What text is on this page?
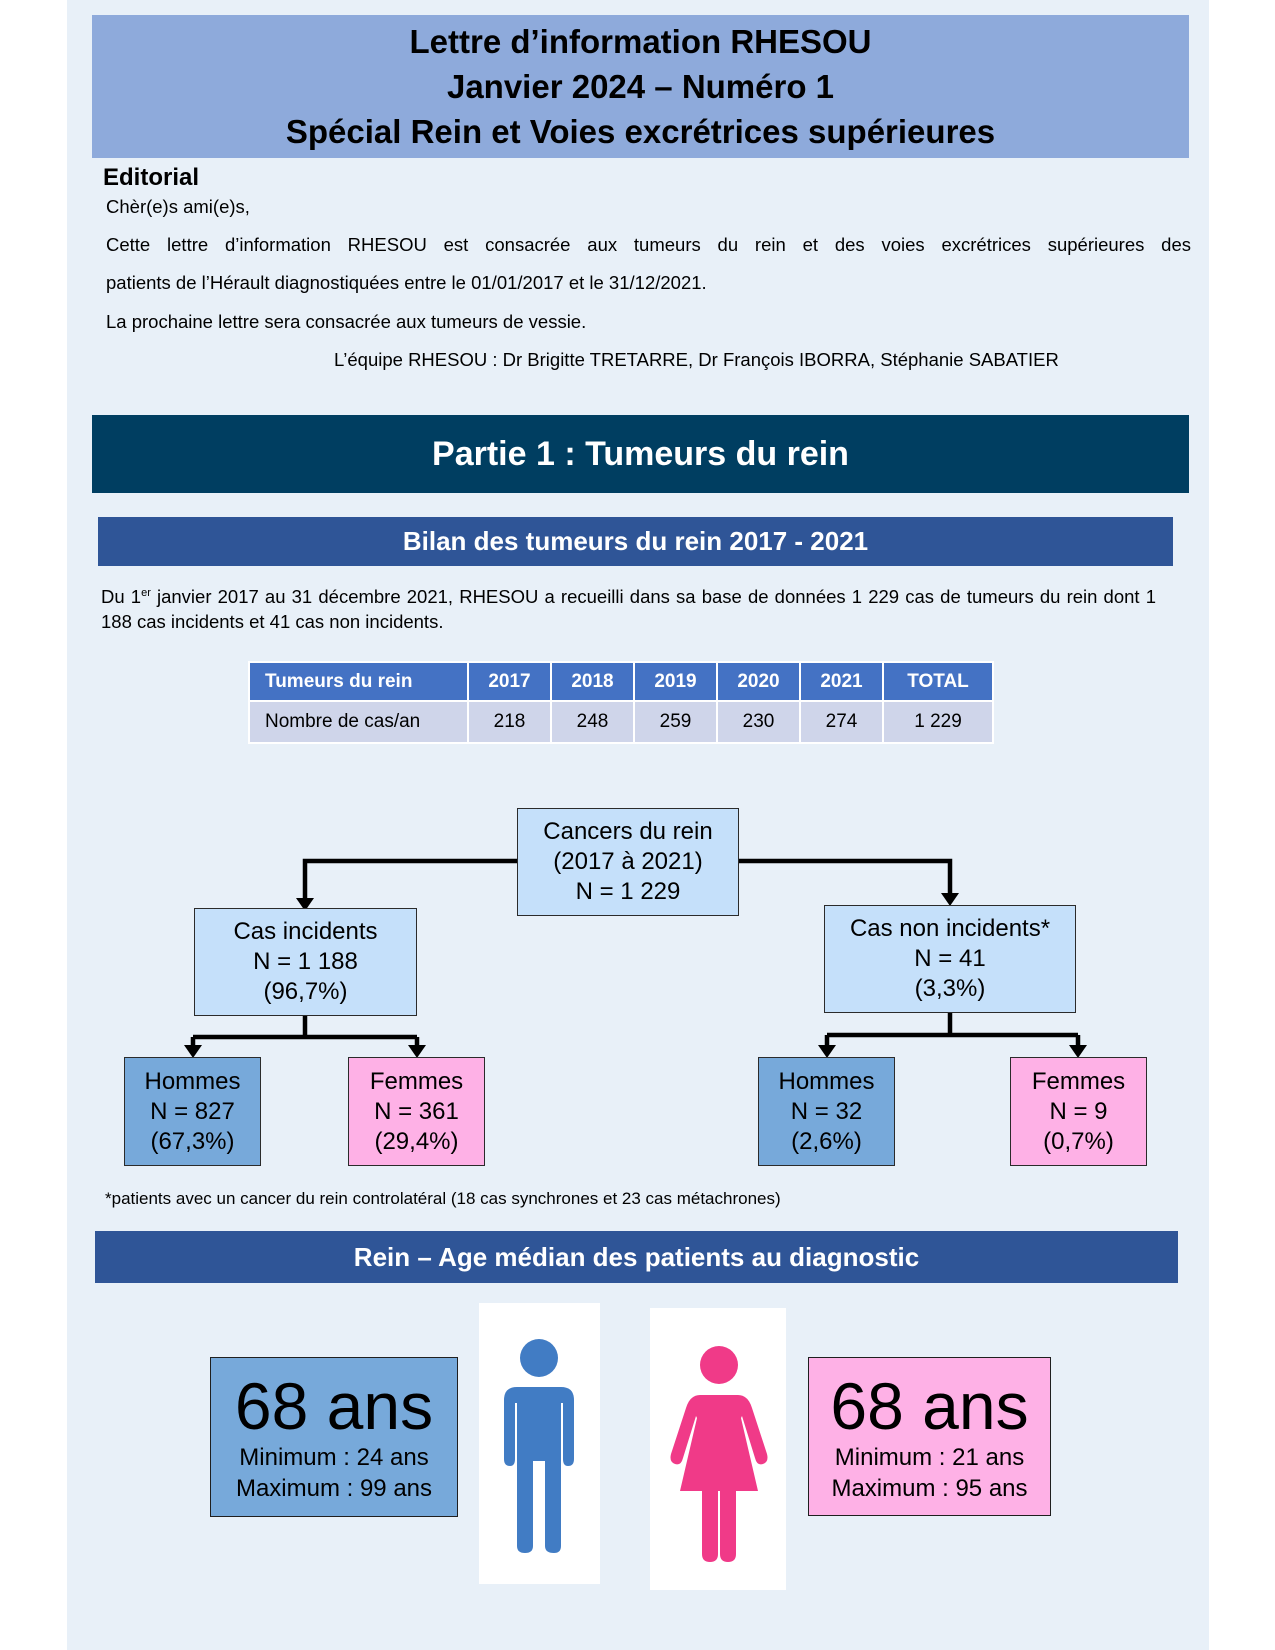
Lettre d’information RHESOU
Janvier 2024 – Numéro 1
Spécial Rein et Voies excrétrices supérieures
Editorial
Chèr(e)s ami(e)s,
Cette lettre d’information RHESOU est consacrée aux tumeurs du rein et des voies excrétrices supérieures des
patients de l’Hérault diagnostiquées entre le 01/01/2017 et le 31/12/2021.
La prochaine lettre sera consacrée aux tumeurs de vessie.
L’équipe RHESOU : Dr Brigitte TRETARRE, Dr François IBORRA, Stéphanie SABATIER
Partie 1 : Tumeurs du rein
Bilan des tumeurs du rein 2017 - 2021
Du 1er janvier 2017 au 31 décembre 2021, RHESOU a recueilli dans sa base de données 1 229 cas de tumeurs du rein dont 1 188 cas incidents et 41 cas non incidents.
Tumeurs du rein	2017	2018	2019	2020	2021	TOTAL
Nombre de cas/an	218	248	259	230	274	1 229
Cancers du rein
(2017 à 2021)
N = 1 229
Cas incidents
N = 1 188
(96,7%)
Cas non incidents*
N = 41
(3,3%)
Hommes
N = 827
(67,3%)
Femmes
N = 361
(29,4%)
Hommes
N = 32
(2,6%)
Femmes
N = 9
(0,7%)
*patients avec un cancer du rein controlatéral (18 cas synchrones et 23 cas métachrones)
Rein – Age médian des patients au diagnostic
68 ans
Minimum : 24 ans
Maximum : 99 ans
68 ans
Minimum : 21 ans
Maximum : 95 ans
